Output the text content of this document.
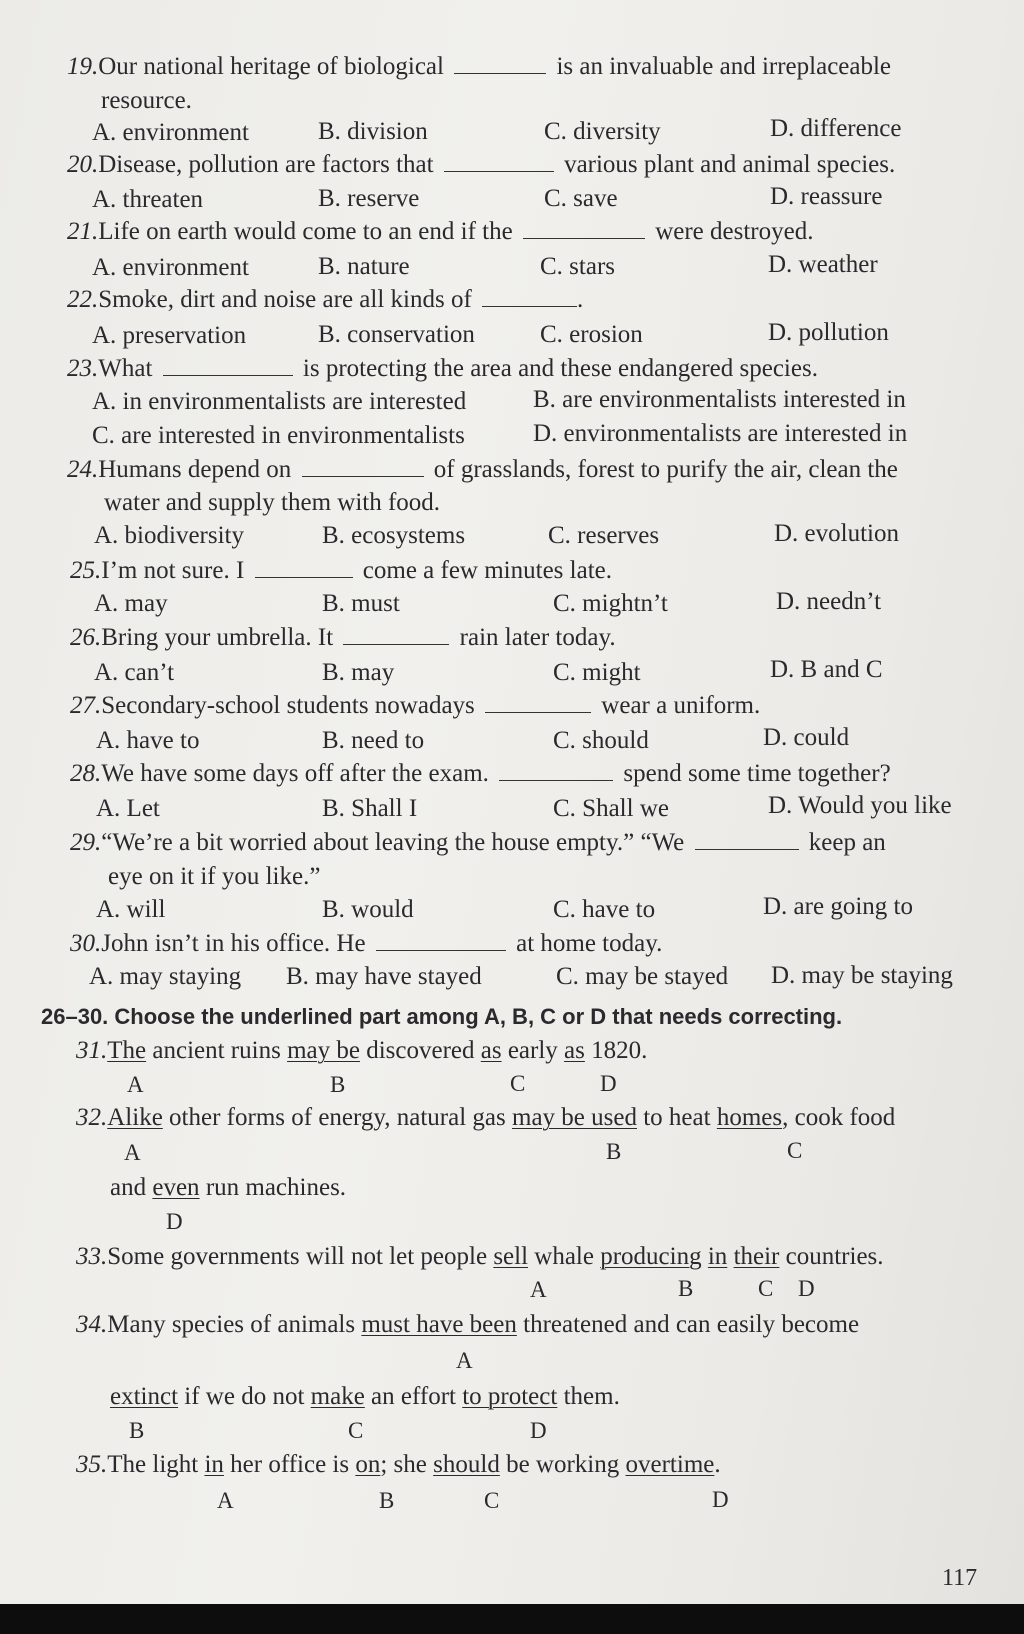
19.Our national heritage of biological	is an invaluable and irreplaceable
resource.
A. environment	B. division	C. diversity	D. difference
20.Disease, pollution are factors that	various plant and animal species.
A. threaten	B. reserve	C. save	D. reassure
21.Life on earth would come to an end if the	were destroyed.
A. environment	B. nature	C. stars	D. weather
22.Smoke, dirt and noise are all kinds of	.
A. preservation	B. conservation	C. erosion	D. pollution
23.What	is protecting the area and these endangered species.
A. in environmentalists are interested	B. are environmentalists interested in
C. are interested in environmentalists	D. environmentalists are interested in
24.Humans depend on	of grasslands, forest to purify the air, clean the
water and supply them with food.
A. biodiversity	B. ecosystems	C. reserves	D. evolution
25.I’m not sure. I	come a few minutes late.
A. may	B. must	C. mightn’t	D. needn’t
26.Bring your umbrella. It	rain later today.
A. can’t	B. may	C. might	D. B and C
27.Secondary-school students nowadays	wear a uniform.
A. have to	B. need to	C. should	D. could
28.We have some days off after the exam.	spend some time together?
A. Let	B. Shall I	C. Shall we	D. Would you like
29.“We’re a bit worried about leaving the house empty.” “We	keep an
eye on it if you like.”
A. will	B. would	C. have to	D. are going to
30.John isn’t in his office. He	at home today.
A. may staying B. may have stayed	C. may be stayed D. may be staying
26–30. Choose the underlined part among A, B, C or D that needs correcting.
31.The ancient ruins may be discovered as early as 1820.
A	B	C	D
32.Alike other forms of energy, natural gas may be used to heat homes, cook food
A	B	C
and even run machines.
D
33.Some governments will not let people sell whale producing in their countries.
A	B	C D
34.Many species of animals must have been threatened and can easily become
A
extinct if we do not make an effort to protect them.
B	C	D
35.The light in her office is on; she should be working overtime.
A	B	C	D
117
